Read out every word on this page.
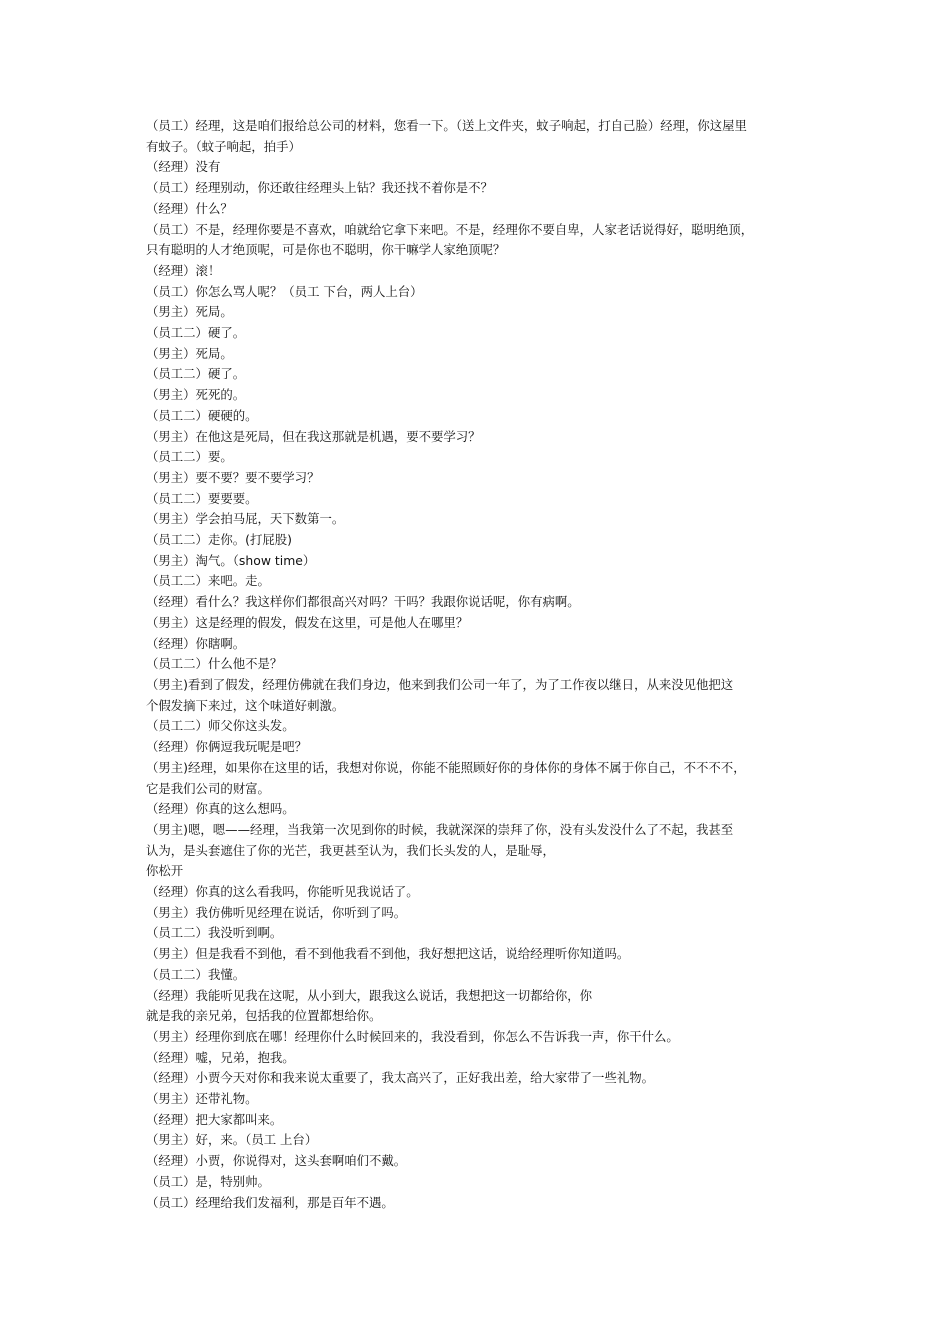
（员工）经理，这是咱们报给总公司的材料，您看一下。（送上文件夹，蚊子响起，打自己脸）经理，你这屋里
有蚊子。（蚊子响起，拍手）
（经理）没有
（员工）经理别动，你还敢往经理头上钻？我还找不着你是不？
（经理）什么？
（员工）不是，经理你要是不喜欢，咱就给它拿下来吧。不是，经理你不要自卑，人家老话说得好，聪明绝顶，
只有聪明的人才绝顶呢，可是你也不聪明，你干嘛学人家绝顶呢？
（经理）滚！
（员工）你怎么骂人呢？（员工 下台，两人上台）
（男主）死局。
（员工二）硬了。
（男主）死局。
（员工二）硬了。
（男主）死死的。
（员工二）硬硬的。
（男主）在他这是死局，但在我这那就是机遇，要不要学习？
（员工二）要。
（男主）要不要？要不要学习？
（员工二）要要要。
（男主）学会拍马屁，天下数第一。
（员工二）走你。(打屁股)
（男主）淘气。（show time）
（员工二）来吧。走。
（经理）看什么？我这样你们都很高兴对吗？干吗？我跟你说话呢，你有病啊。
（男主）这是经理的假发，假发在这里，可是他人在哪里？
（经理）你瞎啊。
（员工二）什么他不是？
（男主)看到了假发，经理仿佛就在我们身边，他来到我们公司一年了，为了工作夜以继日，从来没见他把这
个假发摘下来过，这个味道好刺激。
（员工二）师父你这头发。
（经理）你俩逗我玩呢是吧？
（男主)经理，如果你在这里的话，我想对你说，你能不能照顾好你的身体你的身体不属于你自己，不不不不，
它是我们公司的财富。
（经理）你真的这么想吗。
（男主)嗯，嗯——经理，当我第一次见到你的时候，我就深深的崇拜了你，没有头发没什么了不起，我甚至
认为，是头套遮住了你的光芒，我更甚至认为，我们长头发的人，是耻辱，
你松开
（经理）你真的这么看我吗，你能听见我说话了。
（男主）我仿佛听见经理在说话，你听到了吗。
（员工二）我没听到啊。
（男主）但是我看不到他，看不到他我看不到他，我好想把这话，说给经理听你知道吗。
（员工二）我懂。
（经理）我能听见我在这呢，从小到大，跟我这么说话，我想把这一切都给你，你
就是我的亲兄弟，包括我的位置都想给你。
（男主）经理你到底在哪！经理你什么时候回来的，我没看到，你怎么不告诉我一声，你干什么。
（经理）嘘，兄弟，抱我。
（经理）小贾今天对你和我来说太重要了，我太高兴了，正好我出差，给大家带了一些礼物。
（男主）还带礼物。
（经理）把大家都叫来。
（男主）好，来。（员工 上台）
（经理）小贾，你说得对，这头套啊咱们不戴。
（员工）是，特别帅。
（员工）经理给我们发福利，那是百年不遇。
